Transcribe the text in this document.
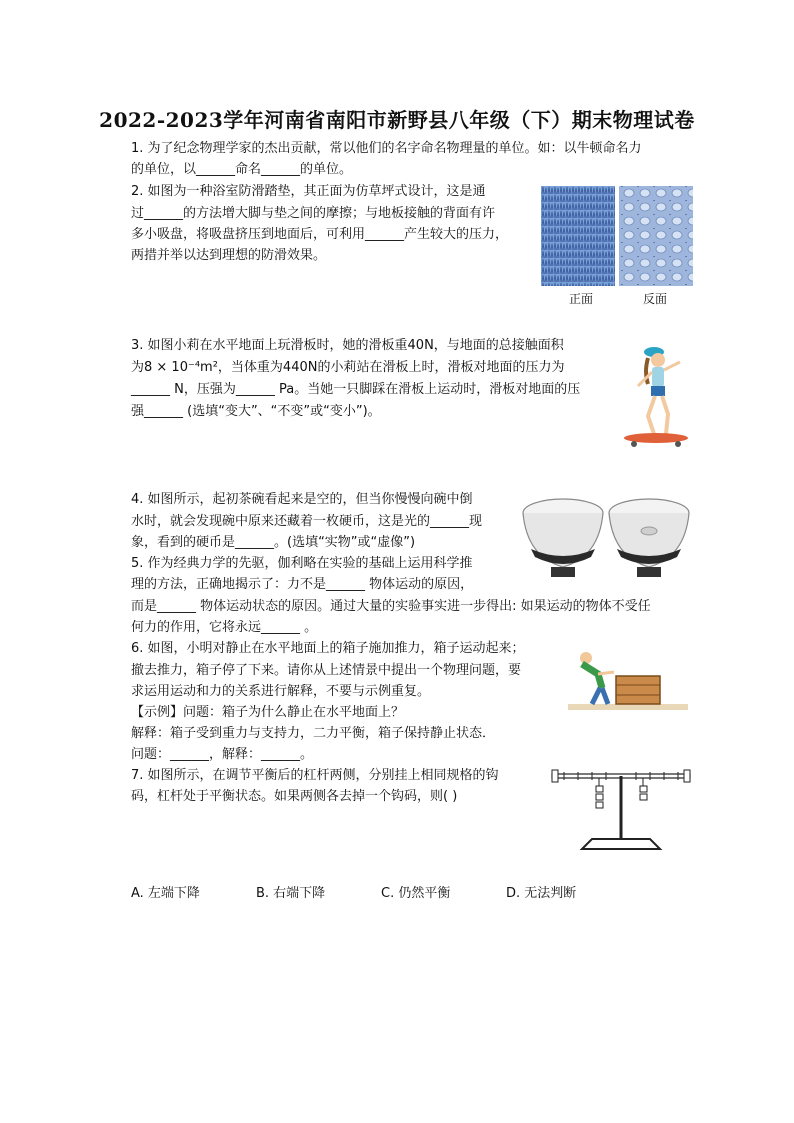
2022-2023学年河南省南阳市新野县八年级（下）期末物理试卷
1. 为了纪念物理学家的杰出贡献，常以他们的名字命名物理量的单位。如：以牛顿命名力
的单位，以______命名______的单位。
2. 如图为一种浴室防滑踏垫，其正面为仿草坪式设计，这是通
过______的方法增大脚与垫之间的摩擦；与地板接触的背面有许
多小吸盘，将吸盘挤压到地面后，可利用______产生较大的压力，
两措并举以达到理想的防滑效果。
正面	反面
3. 如图小莉在水平地面上玩滑板时，她的滑板重40N，与地面的总接触面积
为8 × 10⁻⁴m²，当体重为440N的小莉站在滑板上时，滑板对地面的压力为
______ N，压强为______ Pa。当她一只脚踩在滑板上运动时，滑板对地面的压
强______ (选填“变大”、“不变”或“变小”)。
4. 如图所示，起初茶碗看起来是空的，但当你慢慢向碗中倒
水时，就会发现碗中原来还藏着一枚硬币，这是光的______现
象，看到的硬币是______。(选填“实物”或“虚像”)
5. 作为经典力学的先驱，伽利略在实验的基础上运用科学推
理的方法，正确地揭示了：力不是______ 物体运动的原因，
而是______ 物体运动状态的原因。通过大量的实验事实进一步得出: 如果运动的物体不受任
何力的作用，它将永远______ 。
6. 如图，小明对静止在水平地面上的箱子施加推力，箱子运动起来；
撤去推力，箱子停了下来。请你从上述情景中提出一个物理问题，要
求运用运动和力的关系进行解释，不要与示例重复。
【示例】问题：箱子为什么静止在水平地面上？
解释：箱子受到重力与支持力，二力平衡，箱子保持静止状态．
问题：______，解释：______。
7. 如图所示，在调节平衡后的杠杆两侧，分别挂上相同规格的钩
码，杠杆处于平衡状态。如果两侧各去掉一个钩码，则( )
A. 左端下降	B. 右端下降	C. 仍然平衡	D. 无法判断
